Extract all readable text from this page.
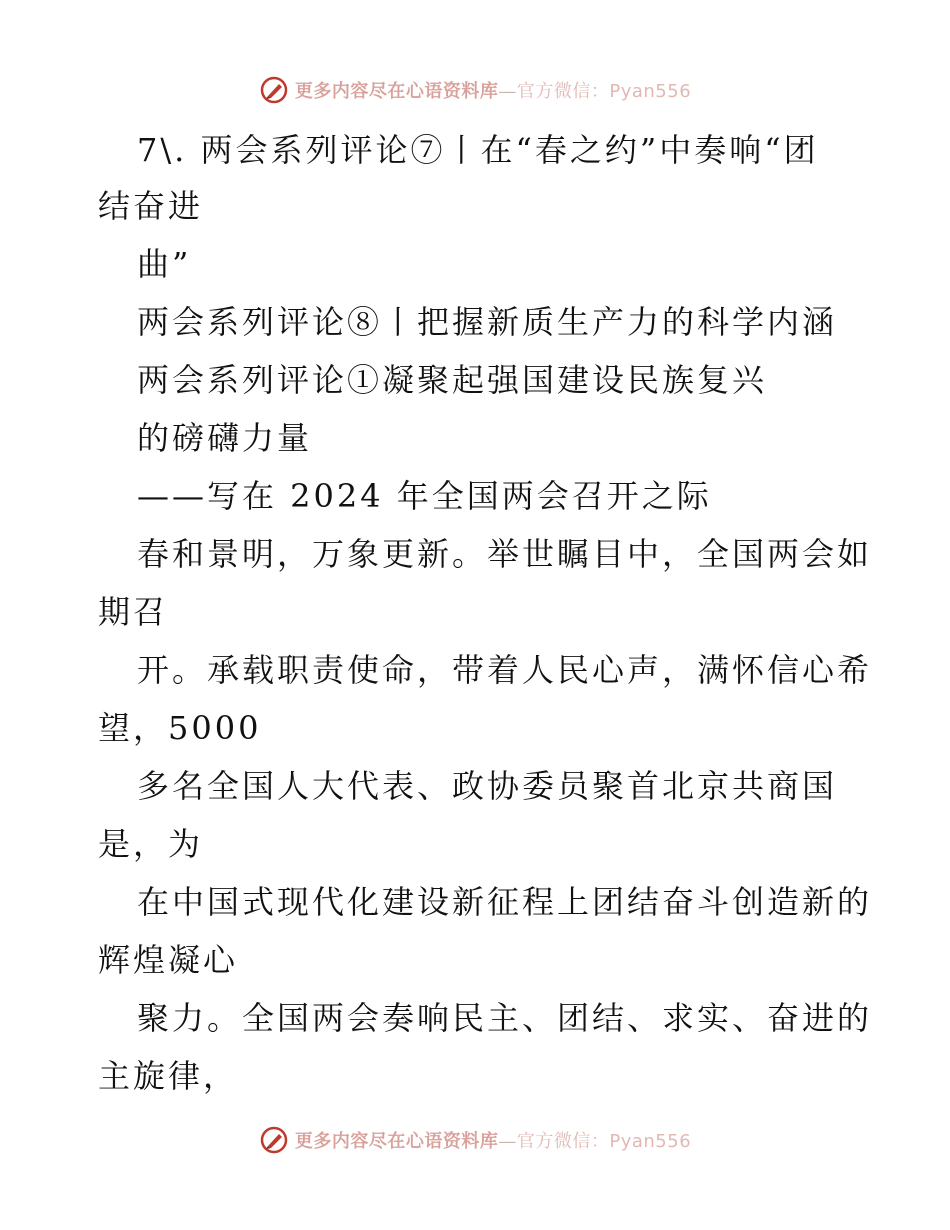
更多内容尽在心语资料库—官方微信：Pyan556
7\. 两会系列评论⑦丨在“春之约”中奏响“团
结奋进
曲”
两会系列评论⑧丨把握新质生产力的科学内涵
两会系列评论①凝聚起强国建设民族复兴
的磅礴力量
——写在 2024 年全国两会召开之际
春和景明，万象更新。举世瞩目中，全国两会如
期召
开。承载职责使命，带着人民心声，满怀信心希
望，5000
多名全国人大代表、政协委员聚首北京共商国
是，为
在中国式现代化建设新征程上团结奋斗创造新的
辉煌凝心
聚力。全国两会奏响民主、团结、求实、奋进的
主旋律，
更多内容尽在心语资料库—官方微信：Pyan556
